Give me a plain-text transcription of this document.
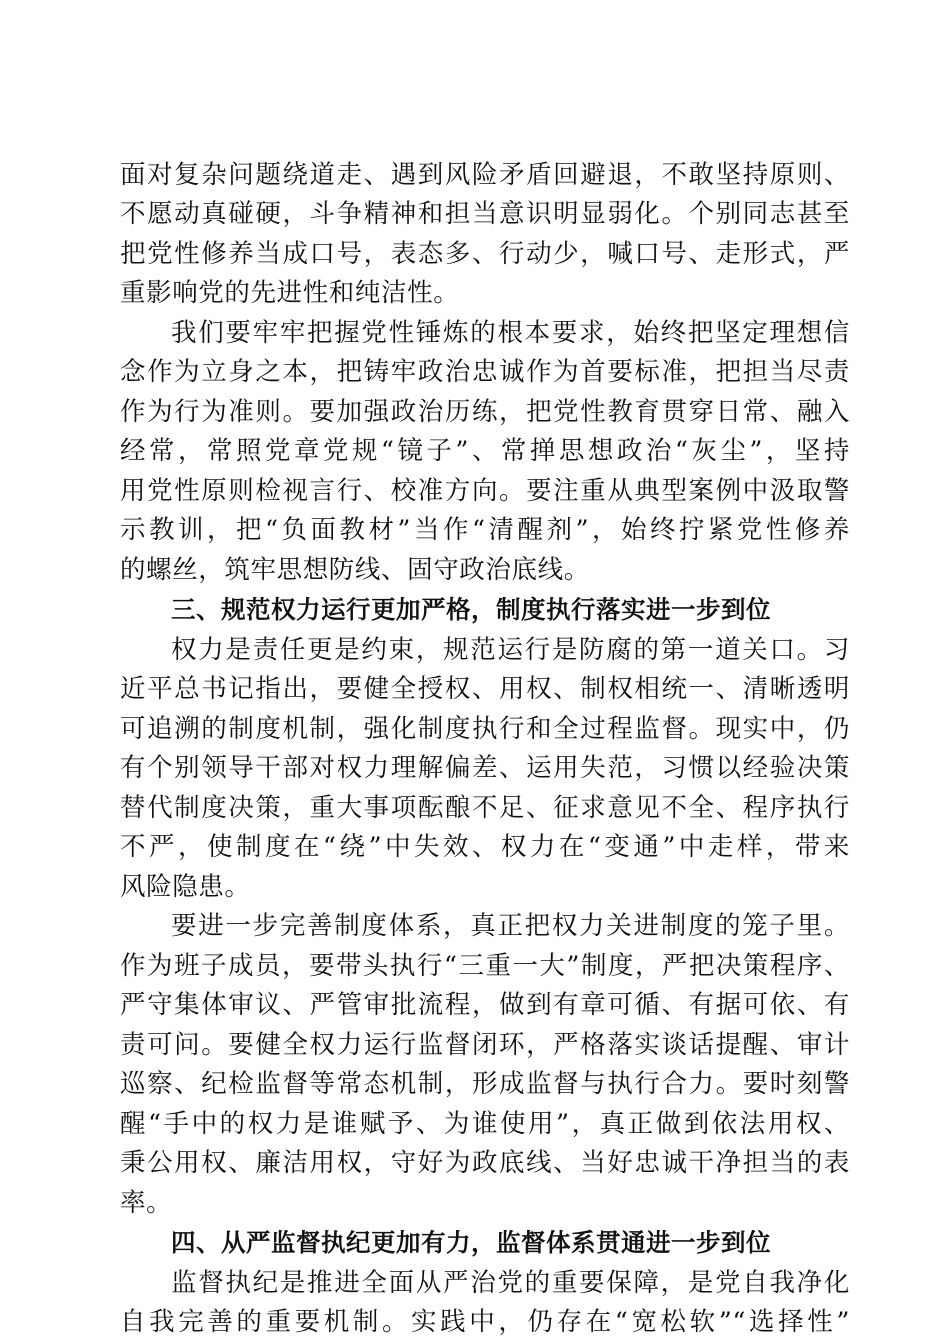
面对复杂问题绕道走、遇到风险矛盾回避退，不敢坚持原则、

不愿动真碰硬，斗争精神和担当意识明显弱化。个别同志甚至

把党性修养当成口号，表态多、行动少，喊口号、走形式，严

重影响党的先进性和纯洁性。

我们要牢牢把握党性锤炼的根本要求，始终把坚定理想信

念作为立身之本，把铸牢政治忠诚作为首要标准，把担当尽责

作为行为准则。要加强政治历练，把党性教育贯穿日常、融入

经常，常照党章党规“镜子”、常掸思想政治“灰尘”，坚持

用党性原则检视言行、校准方向。要注重从典型案例中汲取警

示教训，把“负面教材”当作“清醒剂”，始终拧紧党性修养

的螺丝，筑牢思想防线、固守政治底线。

三、规范权力运行更加严格，制度执行落实进一步到位

权力是责任更是约束，规范运行是防腐的第一道关口。习

近平总书记指出，要健全授权、用权、制权相统一、清晰透明

可追溯的制度机制，强化制度执行和全过程监督。现实中，仍

有个别领导干部对权力理解偏差、运用失范，习惯以经验决策

替代制度决策，重大事项酝酿不足、征求意见不全、程序执行

不严，使制度在“绕”中失效、权力在“变通”中走样，带来

风险隐患。

要进一步完善制度体系，真正把权力关进制度的笼子里。

作为班子成员，要带头执行“三重一大”制度，严把决策程序、

严守集体审议、严管审批流程，做到有章可循、有据可依、有

责可问。要健全权力运行监督闭环，严格落实谈话提醒、审计

巡察、纪检监督等常态机制，形成监督与执行合力。要时刻警

醒“手中的权力是谁赋予、为谁使用”，真正做到依法用权、

秉公用权、廉洁用权，守好为政底线、当好忠诚干净担当的表

率。

四、从严监督执纪更加有力，监督体系贯通进一步到位

监督执纪是推进全面从严治党的重要保障，是党自我净化

自我完善的重要机制。实践中，仍存在“宽松软”“选择性”
